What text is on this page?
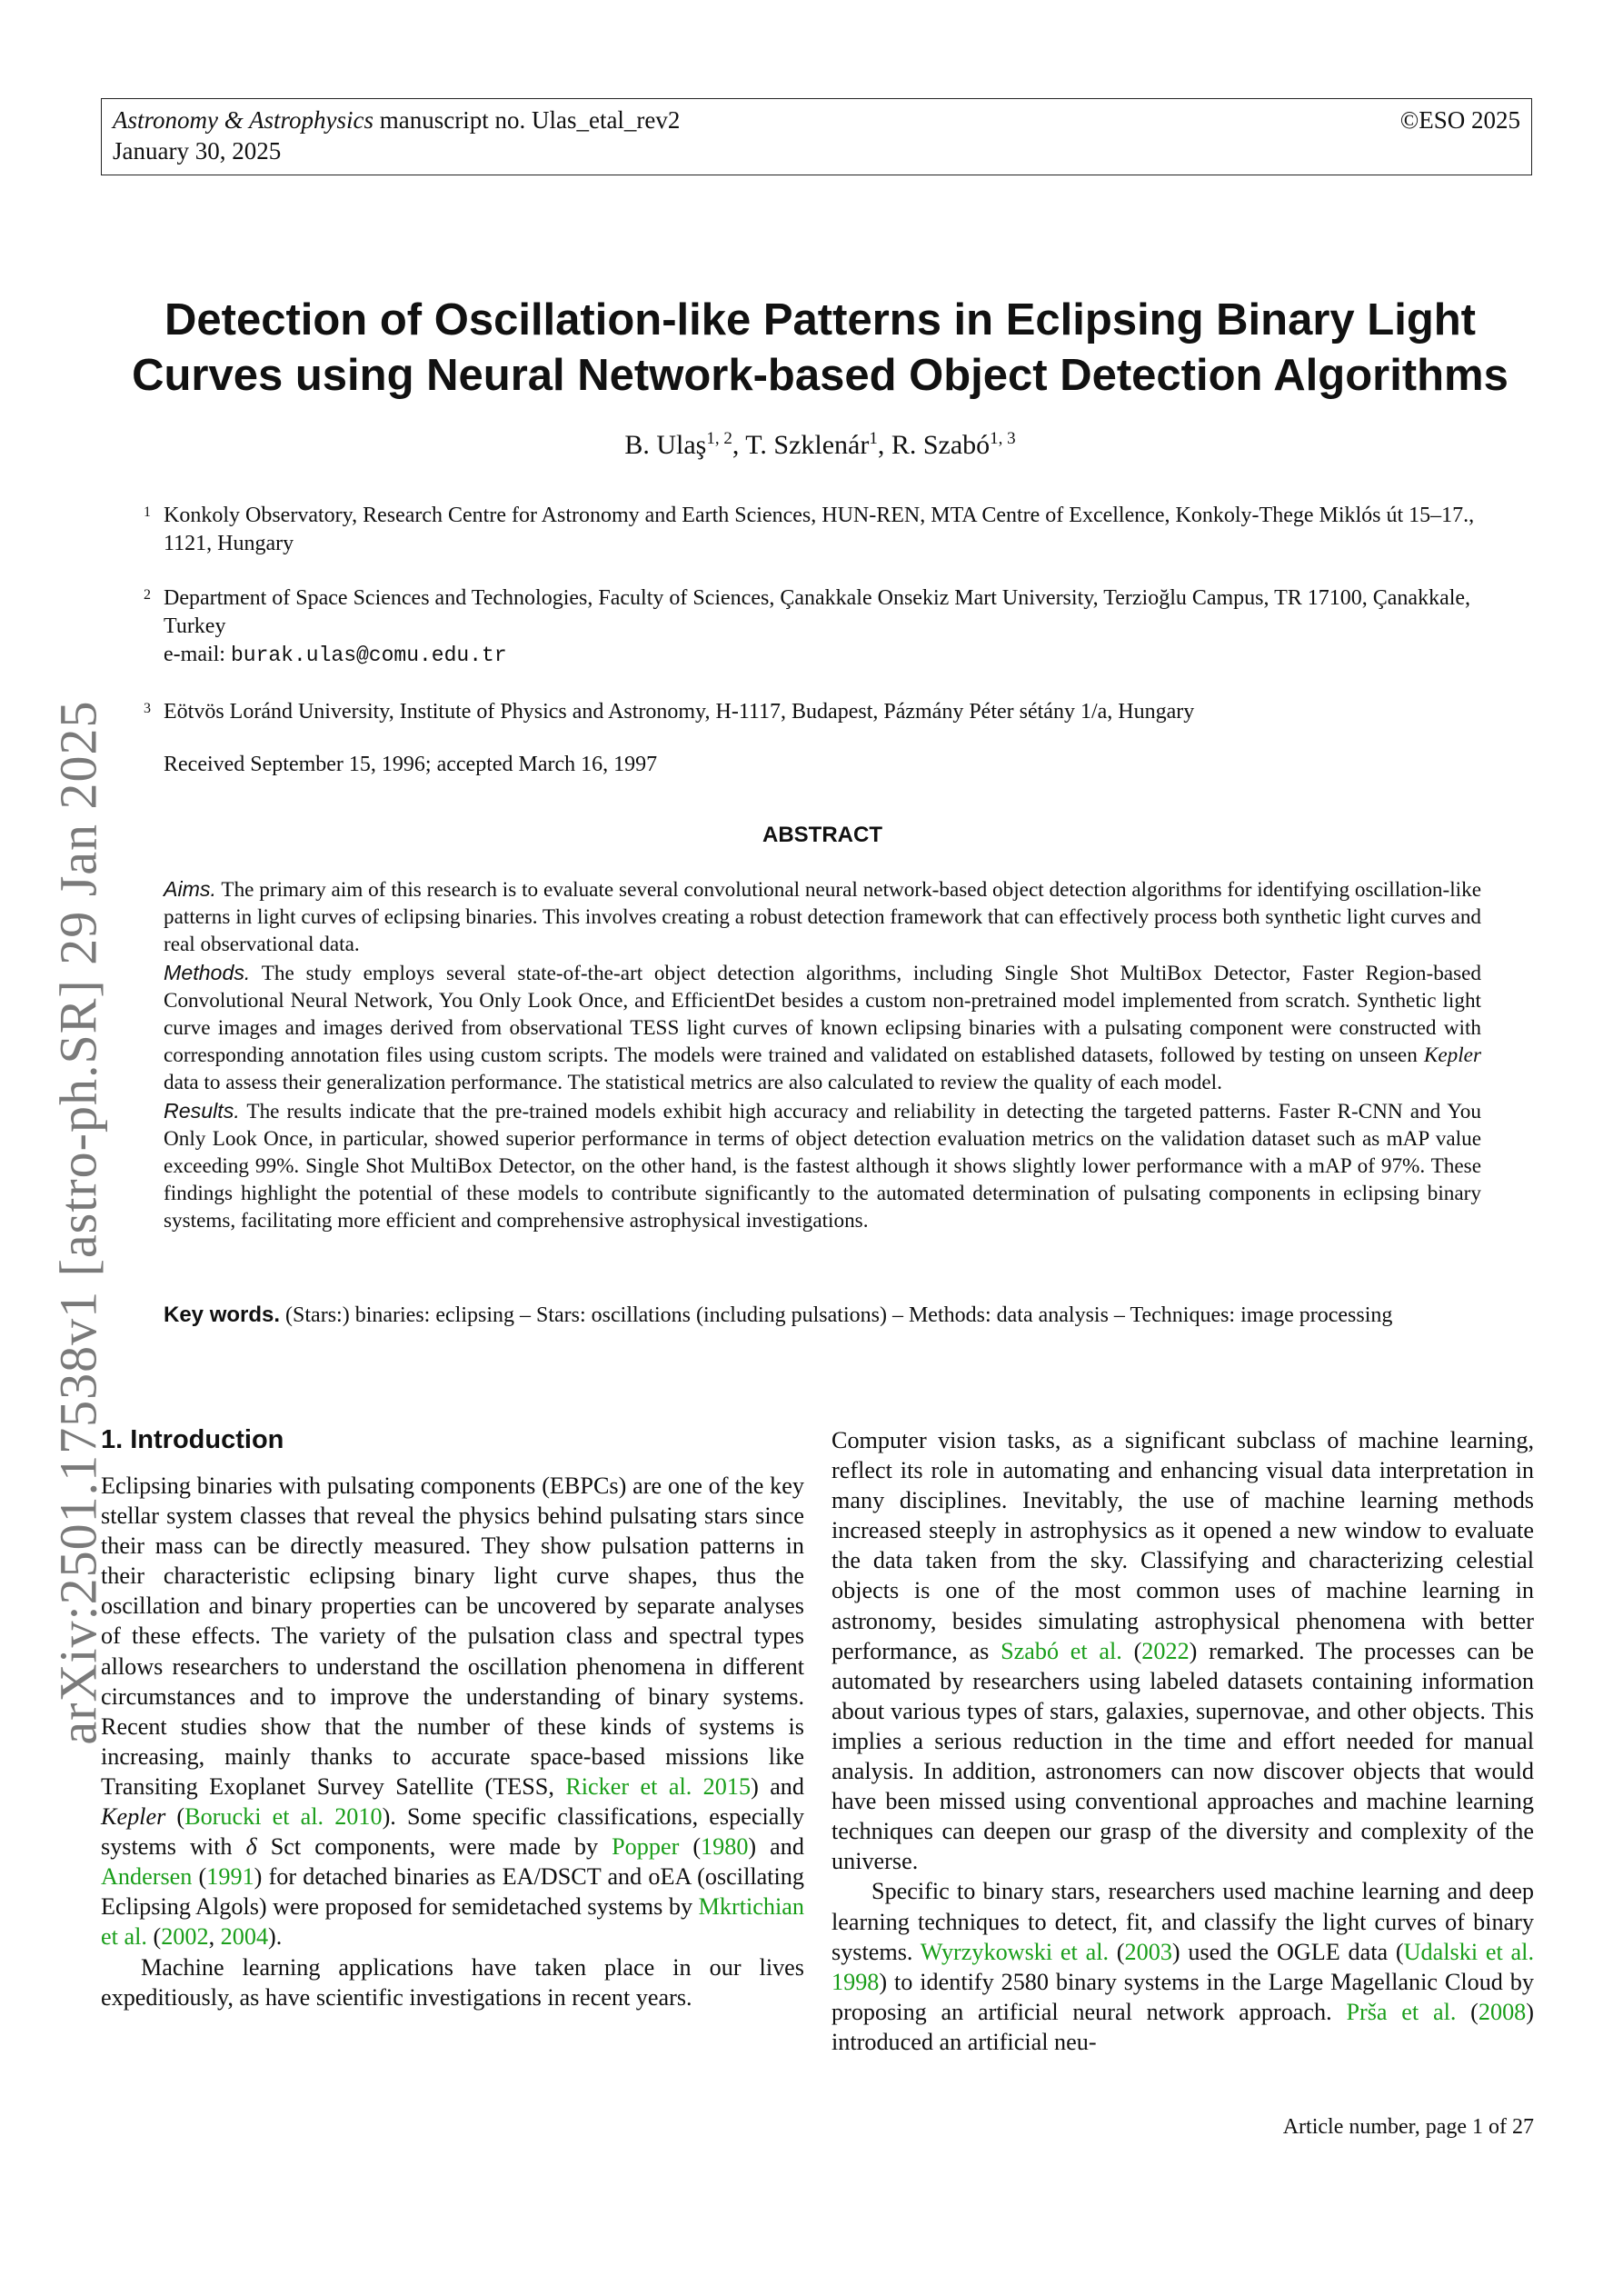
Astronomy & Astrophysics manuscript no. Ulas_etal_rev2
January 30, 2025
©ESO 2025
arXiv:2501.17538v1 [astro-ph.SR] 29 Jan 2025
Detection of Oscillation-like Patterns in Eclipsing Binary Light Curves using Neural Network-based Object Detection Algorithms
B. Ulaş$^{1, 2}$, T. Szklenár$^1$, R. Szabó$^{1, 3}$
1 Konkoly Observatory, Research Centre for Astronomy and Earth Sciences, HUN-REN, MTA Centre of Excellence, Konkoly-Thege Miklós út 15–17., 1121, Hungary
2 Department of Space Sciences and Technologies, Faculty of Sciences, Çanakkale Onsekiz Mart University, Terzioğlu Campus, TR 17100, Çanakkale, Turkey
e-mail: burak.ulas@comu.edu.tr
3 Eötvös Loránd University, Institute of Physics and Astronomy, H-1117, Budapest, Pázmány Péter sétány 1/a, Hungary
Received September 15, 1996; accepted March 16, 1997
ABSTRACT

Aims. The primary aim of this research is to evaluate several convolutional neural network-based object detection algorithms for identifying oscillation-like patterns in light curves of eclipsing binaries. This involves creating a robust detection framework that can effectively process both synthetic light curves and real observational data.

Methods. The study employs several state-of-the-art object detection algorithms, including Single Shot MultiBox Detector, Faster Region-based Convolutional Neural Network, You Only Look Once, and EfficientDet besides a custom non-pretrained model implemented from scratch. Synthetic light curve images and images derived from observational TESS light curves of known eclipsing binaries with a pulsating component were constructed with corresponding annotation files using custom scripts. The models were trained and validated on established datasets, followed by testing on unseen Kepler data to assess their generalization performance. The statistical metrics are also calculated to review the quality of each model.

Results. The results indicate that the pre-trained models exhibit high accuracy and reliability in detecting the targeted patterns. Faster R-CNN and You Only Look Once, in particular, showed superior performance in terms of object detection evaluation metrics on the validation dataset such as mAP value exceeding 99%. Single Shot MultiBox Detector, on the other hand, is the fastest although it shows slightly lower performance with a mAP of 97%. These findings highlight the potential of these models to contribute significantly to the automated determination of pulsating components in eclipsing binary systems, facilitating more efficient and comprehensive astrophysical investigations.

Key words. (Stars:) binaries: eclipsing – Stars: oscillations (including pulsations) – Methods: data analysis – Techniques: image processing
1. Introduction

Eclipsing binaries with pulsating components (EBPCs) are one of the key stellar system classes that reveal the physics behind pulsating stars since their mass can be directly measured. They show pulsation patterns in their characteristic eclipsing binary light curve shapes, thus the oscillation and binary properties can be uncovered by separate analyses of these effects. The variety of the pulsation class and spectral types allows researchers to understand the oscillation phenomena in different circumstances and to improve the understanding of binary systems. Recent studies show that the number of these kinds of systems is increasing, mainly thanks to accurate space-based missions like Transiting Exoplanet Survey Satellite (TESS, Ricker et al. 2015) and Kepler (Borucki et al. 2010). Some specific classifications, especially systems with δ Sct components, were made by Popper (1980) and Andersen (1991) for detached binaries as EA/DSCT and oEA (oscillating Eclipsing Algols) were proposed for semidetached systems by Mkrtichian et al. (2002, 2004).

Machine learning applications have taken place in our lives expeditiously, as have scientific investigations in recent years.

Computer vision tasks, as a significant subclass of machine learning, reflect its role in automating and enhancing visual data interpretation in many disciplines. Inevitably, the use of machine learning methods increased steeply in astrophysics as it opened a new window to evaluate the data taken from the sky. Classifying and characterizing celestial objects is one of the most common uses of machine learning in astronomy, besides simulating astrophysical phenomena with better performance, as Szabó et al. (2022) remarked. The processes can be automated by researchers using labeled datasets containing information about various types of stars, galaxies, supernovae, and other objects. This implies a serious reduction in the time and effort needed for manual analysis. In addition, astronomers can now discover objects that would have been missed using conventional approaches and machine learning techniques can deepen our grasp of the diversity and complexity of the universe.

Specific to binary stars, researchers used machine learning and deep learning techniques to detect, fit, and classify the light curves of binary systems. Wyrzykowski et al. (2003) used the OGLE data (Udalski et al. 1998) to identify 2580 binary systems in the Large Magellanic Cloud by proposing an artificial neural network approach. Prša et al. (2008) introduced an artificial neu-

Article number, page 1 of 27
